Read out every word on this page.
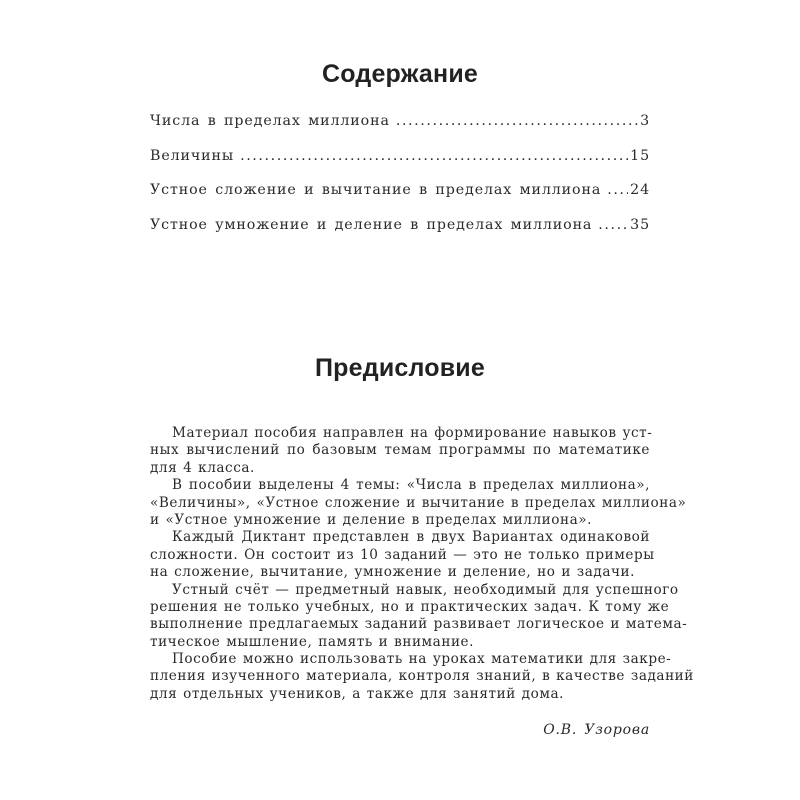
Содержание
Числа в пределах миллиона .....	3
Величины .....	15
Устное сложение и вычитание в пределах миллиона ..... 24
Устное умножение и деление в пределах миллиона .....	35
Предисловие
Материал пособия направлен на формирование навыков уст-
ных вычислений по базовым темам программы по математике
для 4 класса.
В пособии выделены 4 темы: «Числа в пределах миллиона»,
«Величины», «Устное сложение и вычитание в пределах миллиона»
и «Устное умножение и деление в пределах миллиона».
Каждый Диктант представлен в двух Вариантах одинаковой
сложности. Он состоит из 10 заданий — это не только примеры
на сложение, вычитание, умножение и деление, но и задачи.
Устный счёт — предметный навык, необходимый для успешного
решения не только учебных, но и практических задач. К тому же
выполнение предлагаемых заданий развивает логическое и матема-
тическое мышление, память и внимание.
Пособие можно использовать на уроках математики для закре-
пления изученного материала, контроля знаний, в качестве заданий
для отдельных учеников, а также для занятий дома.
О.В. Узорова
